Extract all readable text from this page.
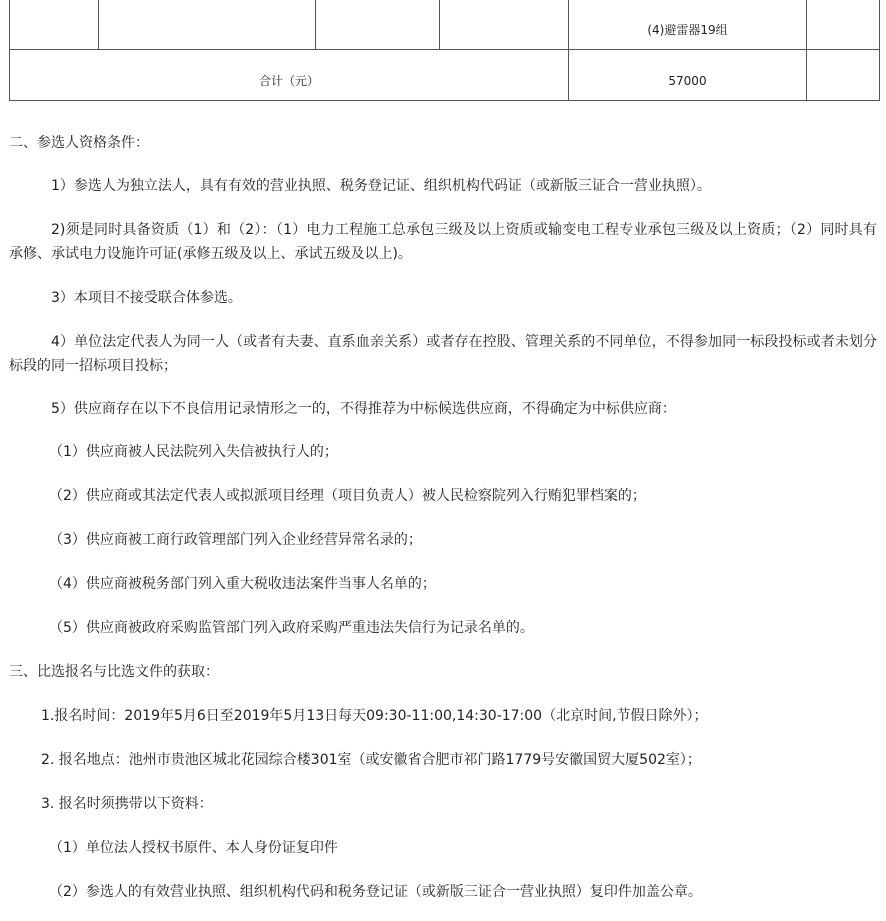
				(4)避雷器19组	

合计（元）				57000	

二、参选人资格条件：
1）参选人为独立法人，具有有效的营业执照、税务登记证、组织机构代码证（或新版三证合一营业执照）。
2)须是同时具备资质（1）和（2）：（1）电力工程施工总承包三级及以上资质或输变电工程专业承包三级及以上资质；（2）同时具有承修、承试电力设施许可证(承修五级及以上、承试五级及以上)。
3）本项目不接受联合体参选。
4）单位法定代表人为同一人（或者有夫妻、直系血亲关系）或者存在控股、管理关系的不同单位，不得参加同一标段投标或者未划分标段的同一招标项目投标；
5）供应商存在以下不良信用记录情形之一的，不得推荐为中标候选供应商，不得确定为中标供应商：
（1）供应商被人民法院列入失信被执行人的；
（2）供应商或其法定代表人或拟派项目经理（项目负责人）被人民检察院列入行贿犯罪档案的；
（3）供应商被工商行政管理部门列入企业经营异常名录的；
（4）供应商被税务部门列入重大税收违法案件当事人名单的；
（5）供应商被政府采购监管部门列入政府采购严重违法失信行为记录名单的。
三、比选报名与比选文件的获取：
1.报名时间：2019年5月6日至2019年5月13日每天09:30-11:00,14:30-17:00（北京时间,节假日除外）；
2. 报名地点：池州市贵池区城北花园综合楼301室（或安徽省合肥市祁门路1779号安徽国贸大厦502室）；
3. 报名时须携带以下资料：
（1）单位法人授权书原件、本人身份证复印件
（2）参选人的有效营业执照、组织机构代码和税务登记证（或新版三证合一营业执照）复印件加盖公章。
